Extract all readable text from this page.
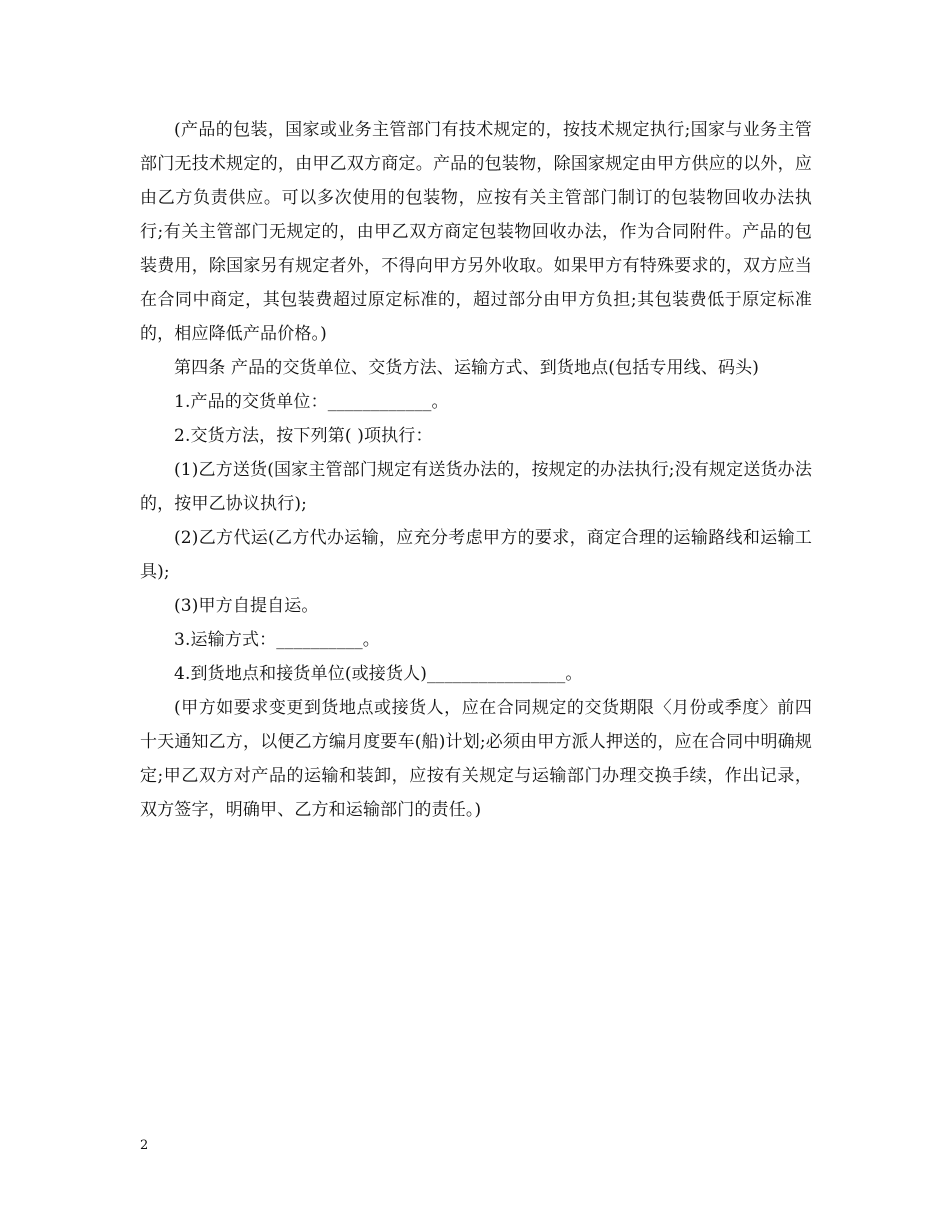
(产品的包装，国家或业务主管部门有技术规定的，按技术规定执行;国家与业务主管部门无技术规定的，由甲乙双方商定。产品的包装物，除国家规定由甲方供应的以外，应由乙方负责供应。可以多次使用的包装物，应按有关主管部门制订的包装物回收办法执行;有关主管部门无规定的，由甲乙双方商定包装物回收办法，作为合同附件。产品的包装费用，除国家另有规定者外，不得向甲方另外收取。如果甲方有特殊要求的，双方应当在合同中商定，其包装费超过原定标准的，超过部分由甲方负担;其包装费低于原定标准的，相应降低产品价格。)

第四条 产品的交货单位、交货方法、运输方式、到货地点(包括专用线、码头)

1.产品的交货单位：____________。

2.交货方法，按下列第( )项执行：

(1)乙方送货(国家主管部门规定有送货办法的，按规定的办法执行;没有规定送货办法的，按甲乙协议执行);

(2)乙方代运(乙方代办运输，应充分考虑甲方的要求，商定合理的运输路线和运输工具);

(3)甲方自提自运。

3.运输方式：__________。

4.到货地点和接货单位(或接货人)________________。

(甲方如要求变更到货地点或接货人，应在合同规定的交货期限〈月份或季度〉前四十天通知乙方，以便乙方编月度要车(船)计划;必须由甲方派人押送的，应在合同中明确规定;甲乙双方对产品的运输和装卸，应按有关规定与运输部门办理交换手续，作出记录，双方签字，明确甲、乙方和运输部门的责任。)

2
